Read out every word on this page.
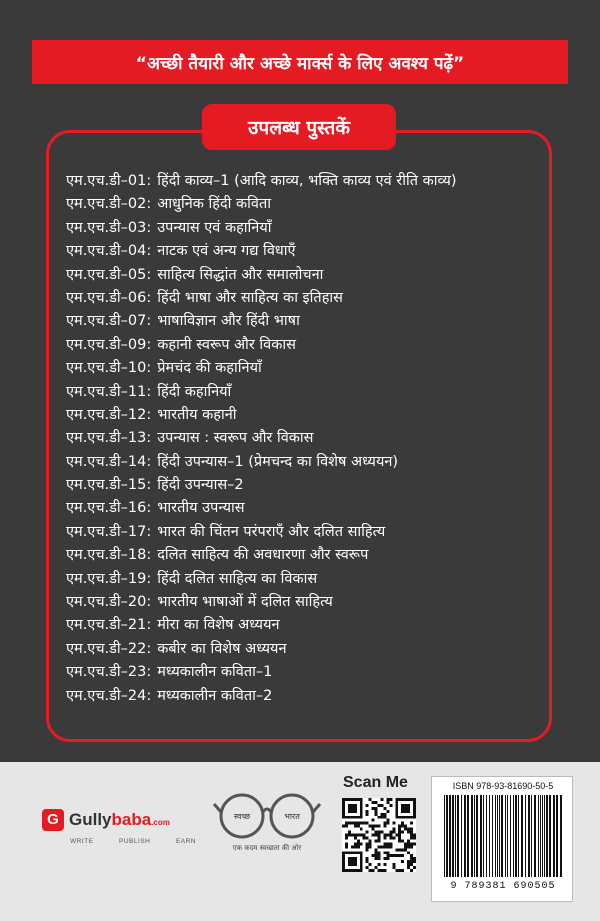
“अच्छी तैयारी और अच्छे मार्क्स के लिए अवश्य पढ़ें”
उपलब्ध पुस्तकें
एम.एच.डी–01: हिंदी काव्य–1 (आदि काव्य, भक्ति काव्य एवं रीति काव्य)
एम.एच.डी–02: आधुनिक हिंदी कविता
एम.एच.डी–03: उपन्यास एवं कहानियाँ
एम.एच.डी–04: नाटक एवं अन्य गद्य विधाएँ
एम.एच.डी–05: साहित्य सिद्धांत और समालोचना
एम.एच.डी–06: हिंदी भाषा और साहित्य का इतिहास
एम.एच.डी–07: भाषाविज्ञान और हिंदी भाषा
एम.एच.डी–09: कहानी स्वरूप और विकास
एम.एच.डी–10: प्रेमचंद की कहानियाँ
एम.एच.डी–11: हिंदी कहानियाँ
एम.एच.डी–12: भारतीय कहानी
एम.एच.डी–13: उपन्यास : स्वरूप और विकास
एम.एच.डी–14: हिंदी उपन्यास–1 (प्रेमचन्द का विशेष अध्ययन)
एम.एच.डी–15: हिंदी उपन्यास–2
एम.एच.डी–16: भारतीय उपन्यास
एम.एच.डी–17: भारत की चिंतन परंपराएँ और दलित साहित्य
एम.एच.डी–18: दलित साहित्य की अवधारणा और स्वरूप
एम.एच.डी–19: हिंदी दलित साहित्य का विकास
एम.एच.डी–20: भारतीय भाषाओं में दलित साहित्य
एम.एच.डी–21: मीरा का विशेष अध्ययन
एम.एच.डी–22: कबीर का विशेष अध्ययन
एम.एच.डी–23: मध्यकालीन कविता–1
एम.एच.डी–24: मध्यकालीन कविता–2
G Gullybaba.com
WRITE	PUBLISH	EARN
स्वच्छ	भारत
एक कदम स्वच्छता की ओर
Scan Me	ISBN 978-93-81690-50-5
9 789381 690505
